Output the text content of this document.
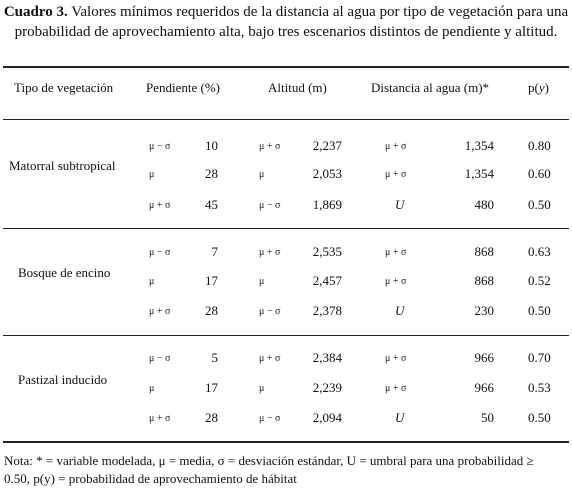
Cuadro 3. Valores mínimos requeridos de la distancia al agua por tipo de vegetación para una
probabilidad de aprovechamiento alta, bajo tres escenarios distintos de pendiente y altitud.
Tipo de vegetación	Pendiente (%)	Altitud (m)	Distancia al agua (m)*	p(y)
Matorral subtropical
μ − σ	10	μ + σ	2,237	μ + σ	1,354	0.80
μ	28	μ	2,053	μ + σ	1,354	0.60
μ + σ	45	μ − σ	1,869	U	480	0.50
Bosque de encino
μ − σ	7	μ + σ	2,535	μ + σ	868	0.63
μ	17	μ	2,457	μ + σ	868	0.52
μ + σ	28	μ − σ	2,378	U	230	0.50
Pastizal inducido
μ − σ	5	μ + σ	2,384	μ + σ	966	0.70
μ	17	μ	2,239	μ + σ	966	0.53
μ + σ	28	μ − σ	2,094	U	50	0.50
Nota: * = variable modelada, μ = media, σ = desviación estándar, U = umbral para una probabilidad ≥
0.50, p(y) = probabilidad de aprovechamiento de hábitat
